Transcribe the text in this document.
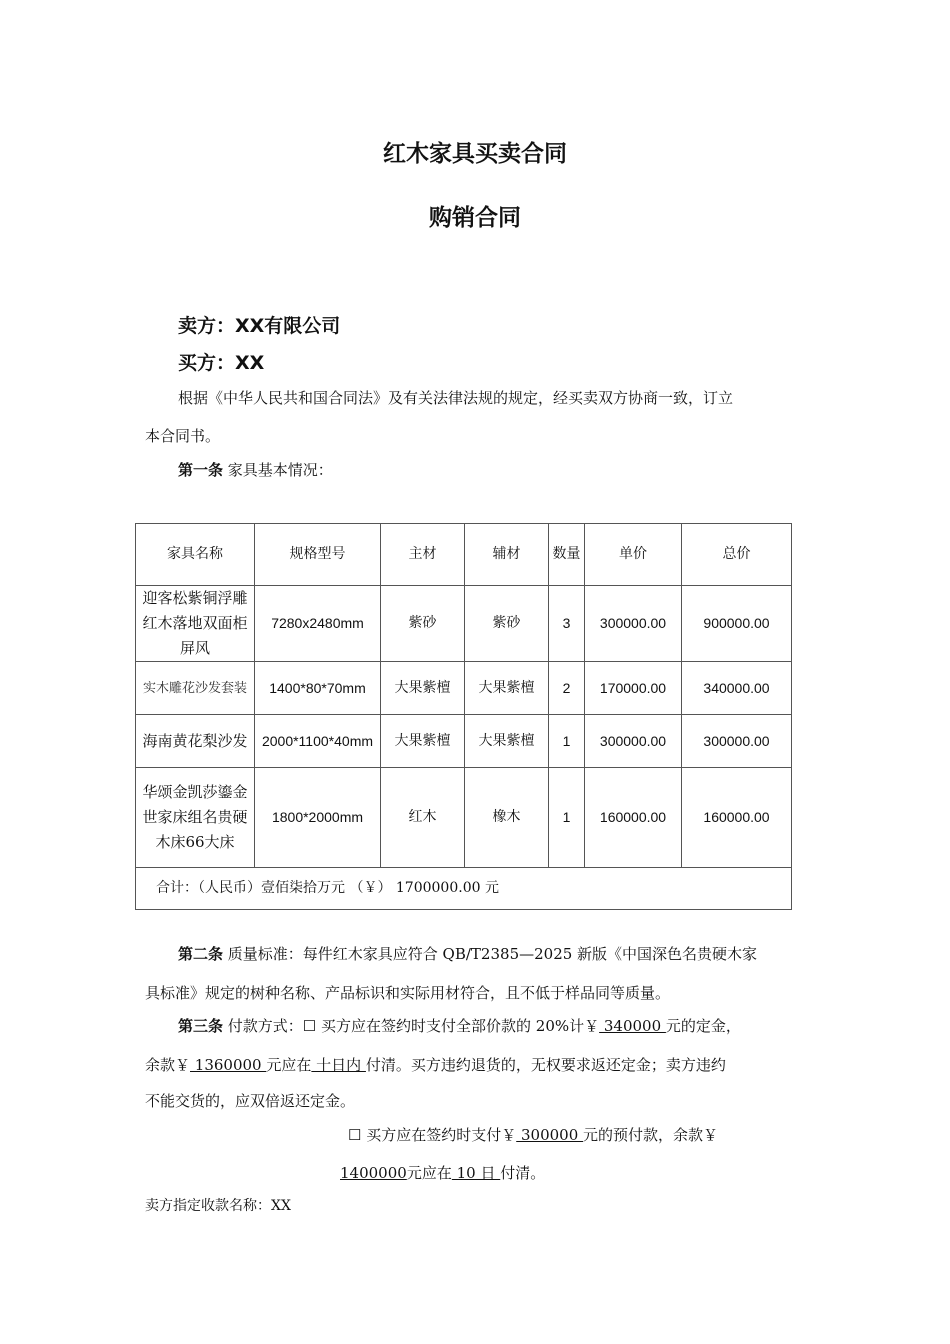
红木家具买卖合同
购销合同
卖方：XX有限公司
买方：XX
根据《中华人民共和国合同法》及有关法律法规的规定，经买卖双方协商一致，订立
本合同书。
第一条 家具基本情况：
家具名称	规格型号	主材	辅材	数量	单价	总价
迎客松紫铜浮雕红木落地双面柜屏风	7280x2480mm	紫砂	紫砂	3	300000.00	900000.00
实木雕花沙发套装	1400*80*70mm	大果紫檀	大果紫檀	2	170000.00	340000.00
海南黄花梨沙发	2000*1100*40mm	大果紫檀	大果紫檀	1	300000.00	300000.00
华颂金凯莎鎏金世家床组名贵硬木床66大床	1800*2000mm	红木	橡木	1	160000.00	160000.00
合计：（人民币）壹佰柒拾万元 （￥） 1700000.00 元						
第二条 质量标准：每件红木家具应符合 QB/T2385—2025 新版《中国深色名贵硬木家
具标准》规定的树种名称、产品标识和实际用材符合，且不低于样品同等质量。
第三条 付款方式：☐ 买方应在签约时支付全部价款的 20%计￥ 340000 元的定金，
余款￥ 1360000 元应在 十日内 付清。买方违约退货的，无权要求返还定金；卖方违约
不能交货的，应双倍返还定金。
☐ 买方应在签约时支付￥ 300000 元的预付款，余款￥
1400000元应在 10 日 付清。
卖方指定收款名称：XX
